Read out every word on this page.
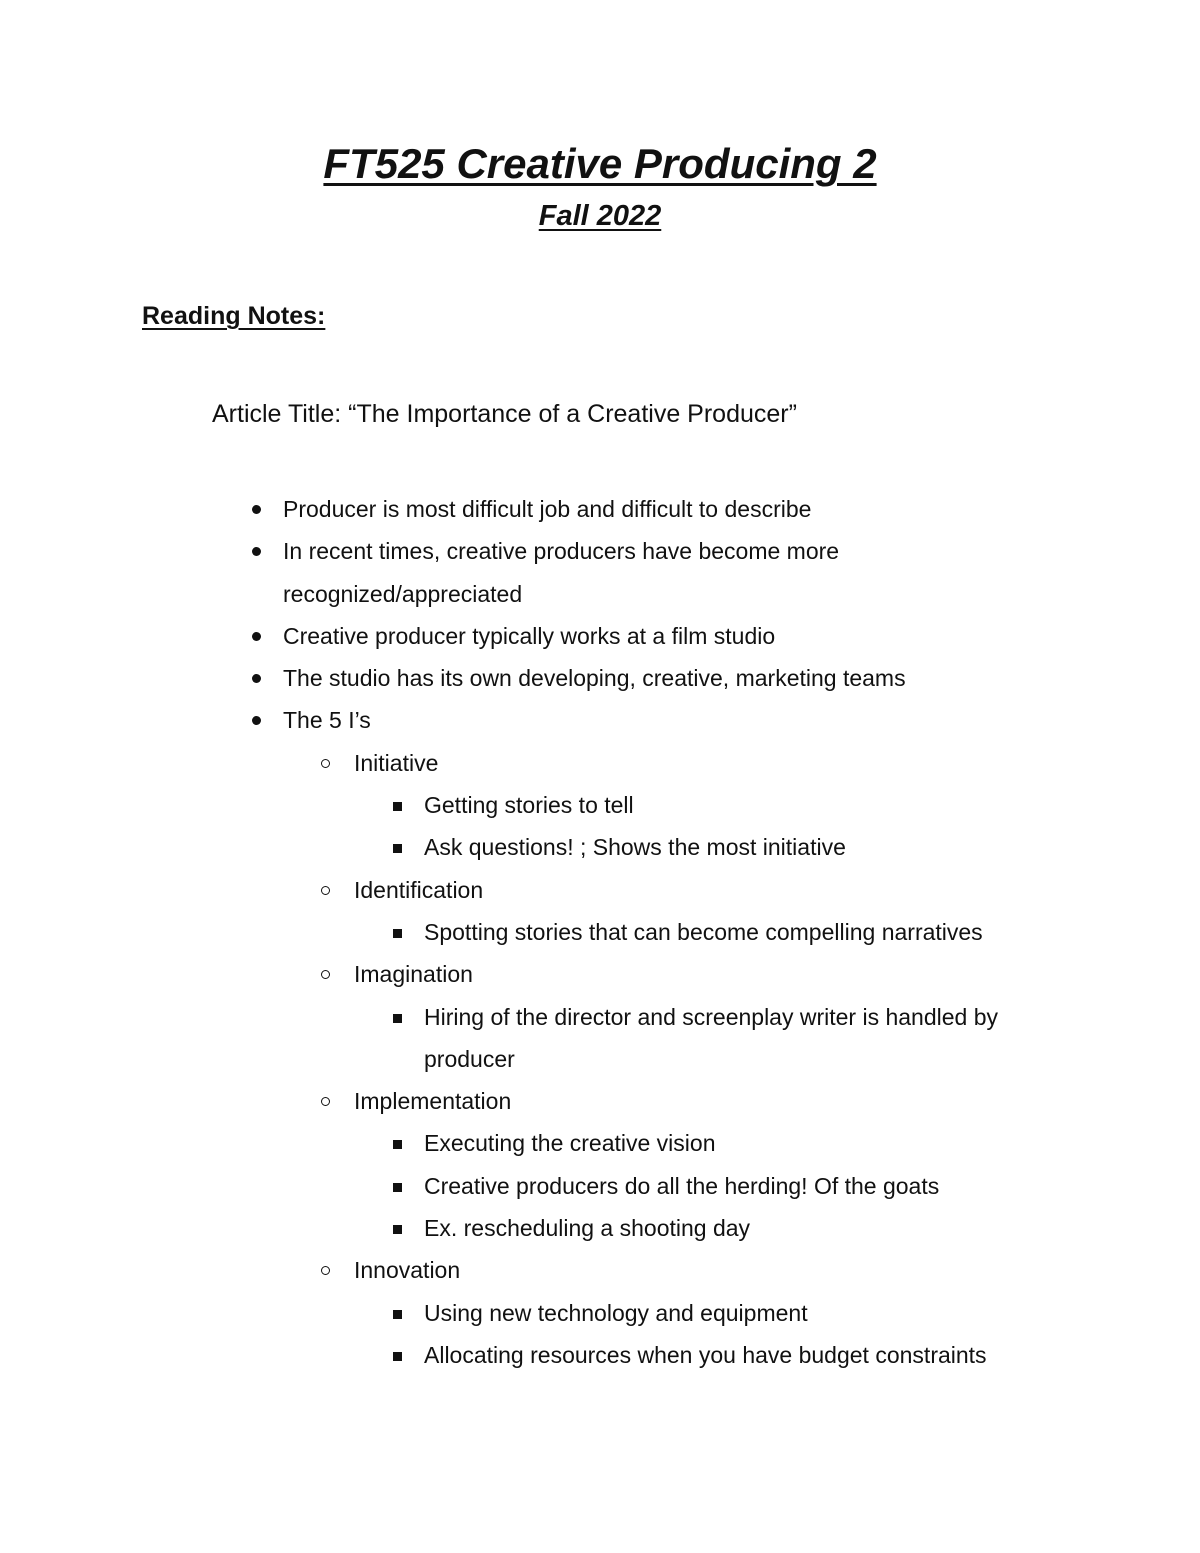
FT525 Creative Producing 2
Fall 2022
Reading Notes:

Article Title: “The Importance of a Creative Producer”

Producer is most difficult job and difficult to describe
In recent times, creative producers have become more
recognized/appreciated
Creative producer typically works at a film studio
The studio has its own developing, creative, marketing teams
The 5 I’s
Initiative
Getting stories to tell
Ask questions! ; Shows the most initiative
Identification
Spotting stories that can become compelling narratives
Imagination
Hiring of the director and screenplay writer is handled by
producer
Implementation
Executing the creative vision
Creative producers do all the herding! Of the goats
Ex. rescheduling a shooting day
Innovation
Using new technology and equipment
Allocating resources when you have budget constraints
